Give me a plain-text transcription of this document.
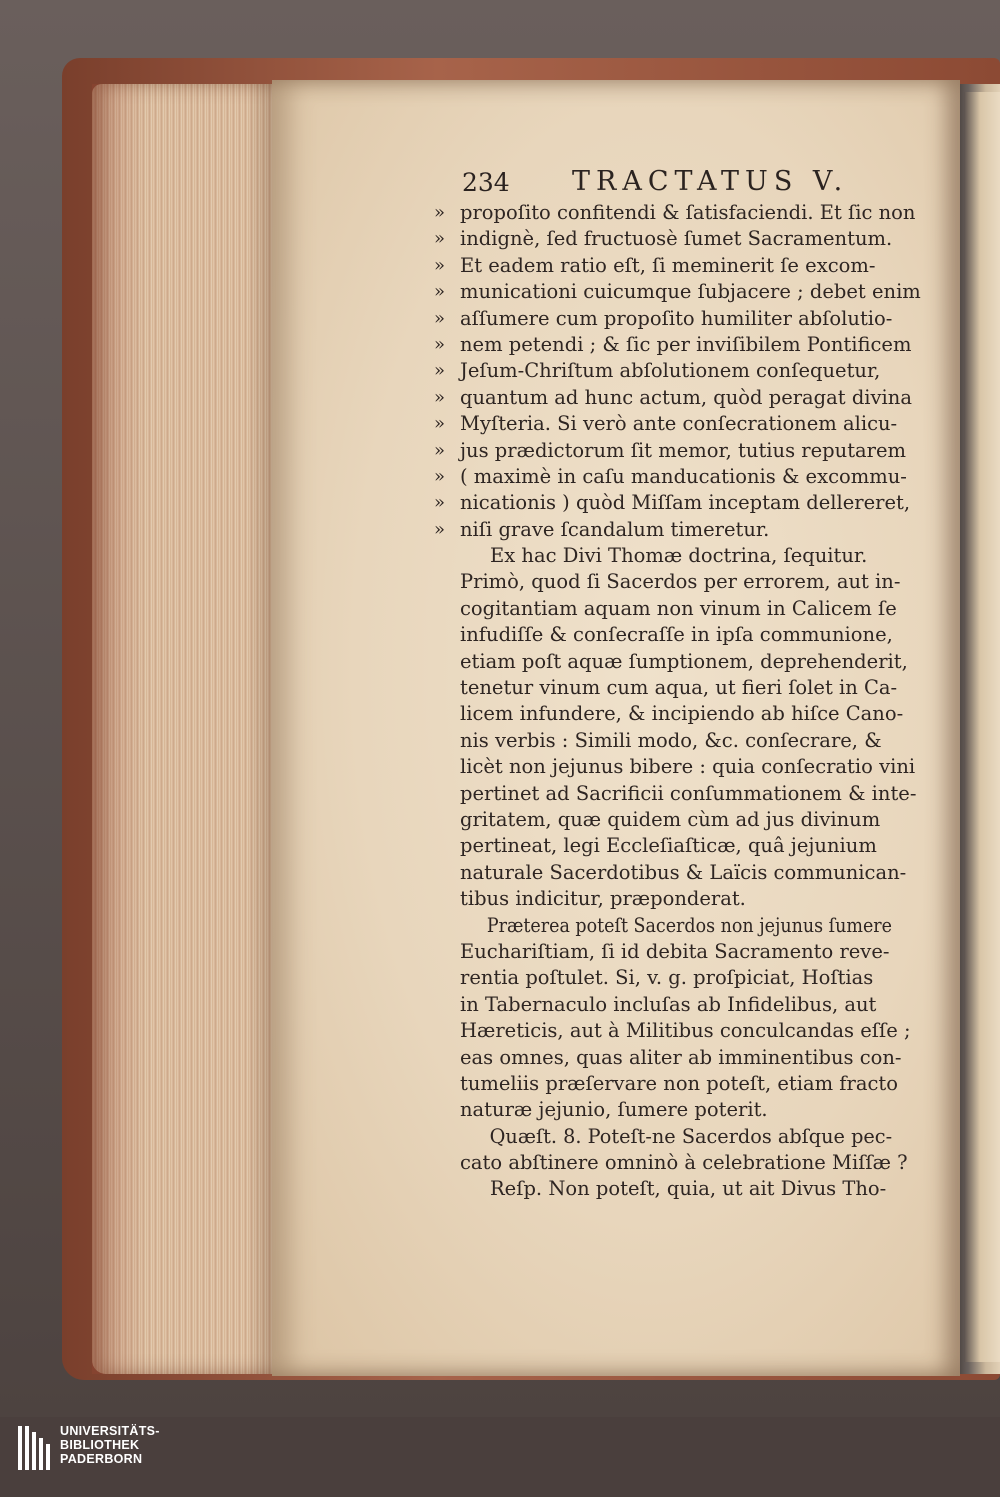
234 TRACTATUS V.
» propoſito confitendi & ſatisfaciendi. Et ſic non
» indignè, ſed fructuosè ſumet Sacramentum.
» Et eadem ratio eſt, ſi meminerit ſe excom-
» municationi cuicumque ſubjacere ; debet enim
» aſſumere cum propoſito humiliter abſolutio-
» nem petendi ; & ſic per inviſibilem Pontificem
» Jeſum-Chriſtum abſolutionem conſequetur,
» quantum ad hunc actum, quòd peragat divina
» Myſteria. Si verò ante conſecrationem alicu-
» jus prædictorum ſit memor, tutius reputarem
» ( maximè in caſu manducationis & excommu-
» nicationis ) quòd Miſſam inceptam dellereret,
» niſi grave ſcandalum timeretur.
Ex hac Divi Thomæ doctrina, ſequitur.
Primò, quod ſi Sacerdos per errorem, aut in-
cogitantiam aquam non vinum in Calicem ſe
infudiſſe & conſecraſſe in ipſa communione,
etiam poſt aquæ ſumptionem, deprehenderit,
tenetur vinum cum aqua, ut fieri ſolet in Ca-
licem infundere, & incipiendo ab hiſce Cano-
nis verbis : Simili modo, &c. conſecrare, &
licèt non jejunus bibere : quia conſecratio vini
pertinet ad Sacrificii conſummationem & inte-
gritatem, quæ quidem cùm ad jus divinum
pertineat, legi Eccleſiaſticæ, quâ jejunium
naturale Sacerdotibus & Laïcis communican-
tibus indicitur, præponderat.
Præterea poteſt Sacerdos non jejunus ſumere
Euchariſtiam, ſi id debita Sacramento reve-
rentia poſtulet. Si, v. g. proſpiciat, Hoſtias
in Tabernaculo incluſas ab Infidelibus, aut
Hæreticis, aut à Militibus conculcandas eſſe ;
eas omnes, quas aliter ab imminentibus con-
tumeliis præſervare non poteſt, etiam fracto
naturæ jejunio, ſumere poterit.
Quæſt. 8. Poteſt-ne Sacerdos abſque pec-
cato abſtinere omninò à celebratione Miſſæ ?
Reſp. Non poteſt, quia, ut ait Divus Tho-
UNIVERSITÄTS-
BIBLIOTHEK
PADERBORN
